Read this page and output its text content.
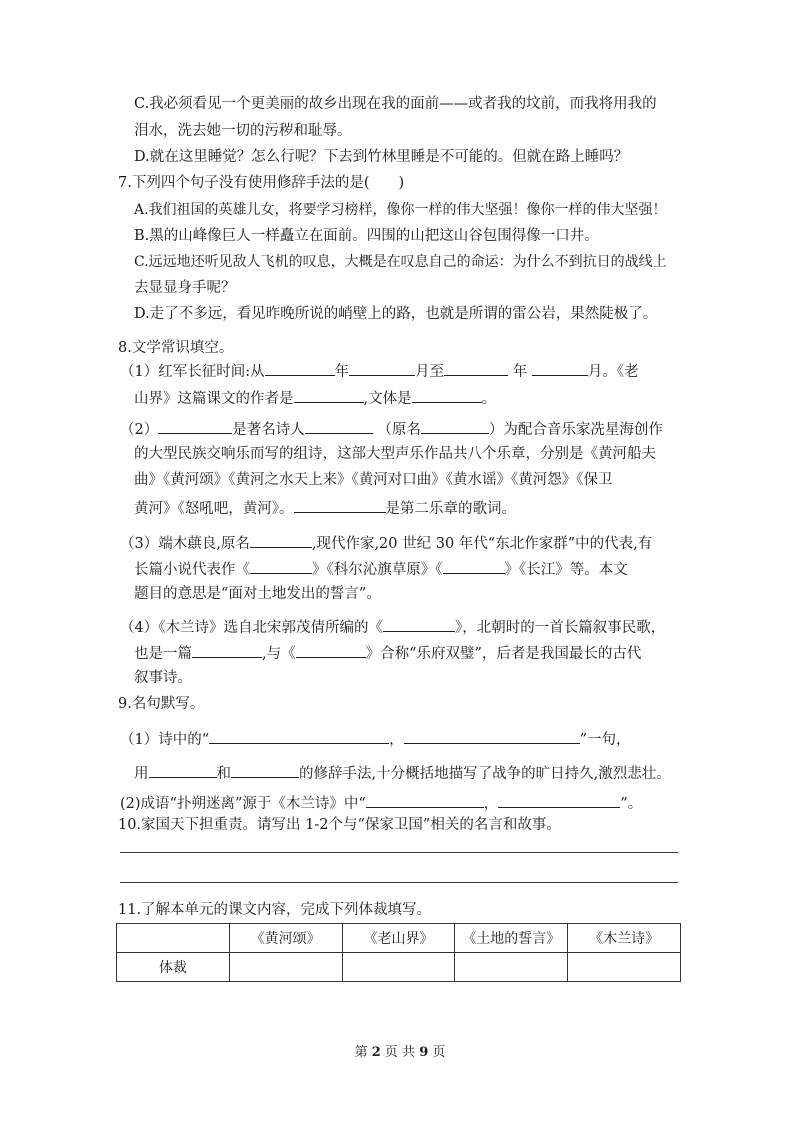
C.我必须看见一个更美丽的故乡出现在我的面前——或者我的坟前，而我将用我的
泪水，洗去她一切的污秽和耻辱。
D.就在这里睡觉？怎么行呢？下去到竹林里睡是不可能的。但就在路上睡吗？
7.下列四个句子没有使用修辞手法的是(　　)
A.我们祖国的英雄儿女，将要学习榜样，像你一样的伟大坚强！像你一样的伟大坚强！
B.黑的山峰像巨人一样矗立在面前。四围的山把这山谷包围得像一口井。
C.远远地还听见敌人飞机的叹息，大概是在叹息自己的命运：为什么不到抗日的战线上
去显显身手呢？
D.走了不多远，看见昨晚所说的峭壁上的路，也就是所谓的雷公岩，果然陡极了。
8.文学常识填空。
（1）红军长征时间:从	年	月至	年	月。《老
山界》这篇课文的作者是	,文体是	。
（2）	是著名诗人	（原名	）为配合音乐家冼星海创作
的大型民族交响乐而写的组诗，这部大型声乐作品共八个乐章，分别是《黄河船夫
曲》《黄河颂》《黄河之水天上来》《黄河对口曲》《黄水谣》《黄河怨》《保卫
黄河》《怒吼吧，黄河》。	是第二乐章的歌词。
（3）端木蕻良,原名	,现代作家,20 世纪 30 年代“东北作家群”中的代表,有
长篇小说代表作《	》《科尔沁旗草原》《	》《长江》等。本文
题目的意思是“面对土地发出的誓言”。
（4）《木兰诗》选自北宋郭茂倩所编的《	》，北朝时的一首长篇叙事民歌，
也是一篇	,与《	》合称“乐府双璧”，后者是我国最长的古代
叙事诗。
9.名句默写。
（1）诗中的“	，	”一句，
用	和	的修辞手法,十分概括地描写了战争的旷日持久,激烈悲壮。
(2)成语“扑朔迷离”源于《木兰诗》中“	，	”。
10.家国天下担重责。请写出 1-2个与“保家卫国”相关的名言和故事。
11.了解本单元的课文内容，完成下列体裁填写。
	《黄河颂》	《老山界》	《土地的誓言》	《木兰诗》
体裁				
第 2 页 共 9 页
